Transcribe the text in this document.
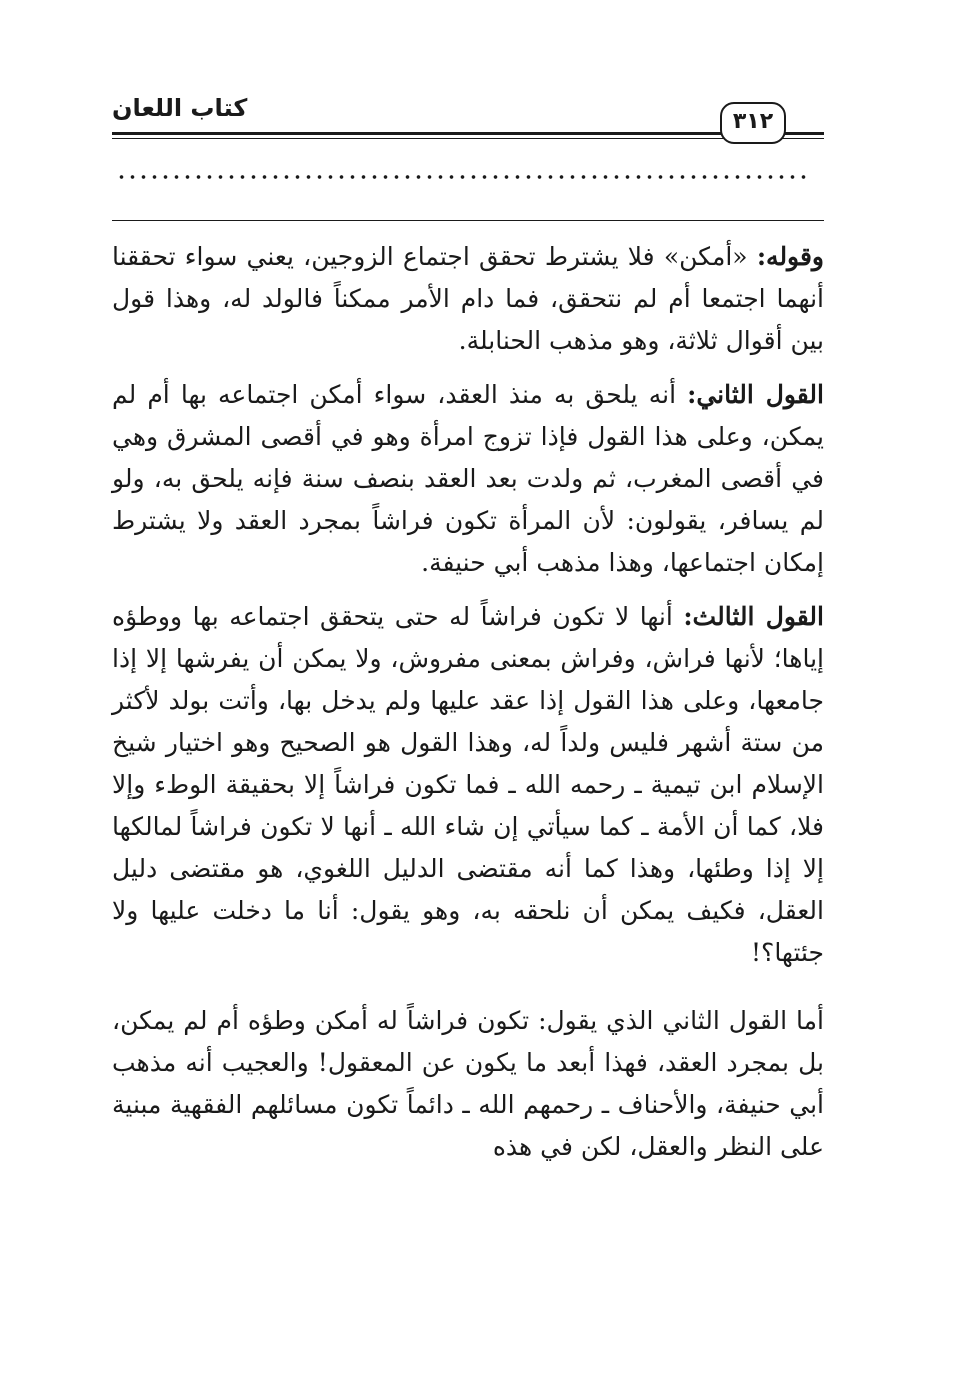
كتاب اللعان	٣١٢

وقوله: «أمكن» فلا يشترط تحقق اجتماع الزوجين، يعني سواء تحققنا أنهما اجتمعا أم لم نتحقق، فما دام الأمر ممكناً فالولد له، وهذا قول بين أقوال ثلاثة، وهو مذهب الحنابلة.

القول الثاني: أنه يلحق به منذ العقد، سواء أمكن اجتماعه بها أم لم يمكن، وعلى هذا القول فإذا تزوج امرأة وهو في أقصى المشرق وهي في أقصى المغرب، ثم ولدت بعد العقد بنصف سنة فإنه يلحق به، ولو لم يسافر، يقولون: لأن المرأة تكون فراشاً بمجرد العقد ولا يشترط إمكان اجتماعها، وهذا مذهب أبي حنيفة.

القول الثالث: أنها لا تكون فراشاً له حتى يتحقق اجتماعه بها ووطؤه إياها؛ لأنها فراش، وفراش بمعنى مفروش، ولا يمكن أن يفرشها إلا إذا جامعها، وعلى هذا القول إذا عقد عليها ولم يدخل بها، وأتت بولد لأكثر من ستة أشهر فليس ولداً له، وهذا القول هو الصحيح وهو اختيار شيخ الإسلام ابن تيمية ـ رحمه الله ـ فما تكون فراشاً إلا بحقيقة الوطء وإلا فلا، كما أن الأمة ـ كما سيأتي إن شاء الله ـ أنها لا تكون فراشاً لمالكها إلا إذا وطئها، وهذا كما أنه مقتضى الدليل اللغوي، هو مقتضى دليل العقل، فكيف يمكن أن نلحقه به، وهو يقول: أنا ما دخلت عليها ولا جئتها؟!

أما القول الثاني الذي يقول: تكون فراشاً له أمكن وطؤه أم لم يمكن، بل بمجرد العقد، فهذا أبعد ما يكون عن المعقول! والعجيب أنه مذهب أبي حنيفة، والأحناف ـ رحمهم الله ـ دائماً تكون مسائلهم الفقهية مبنية على النظر والعقل، لكن في هذه
